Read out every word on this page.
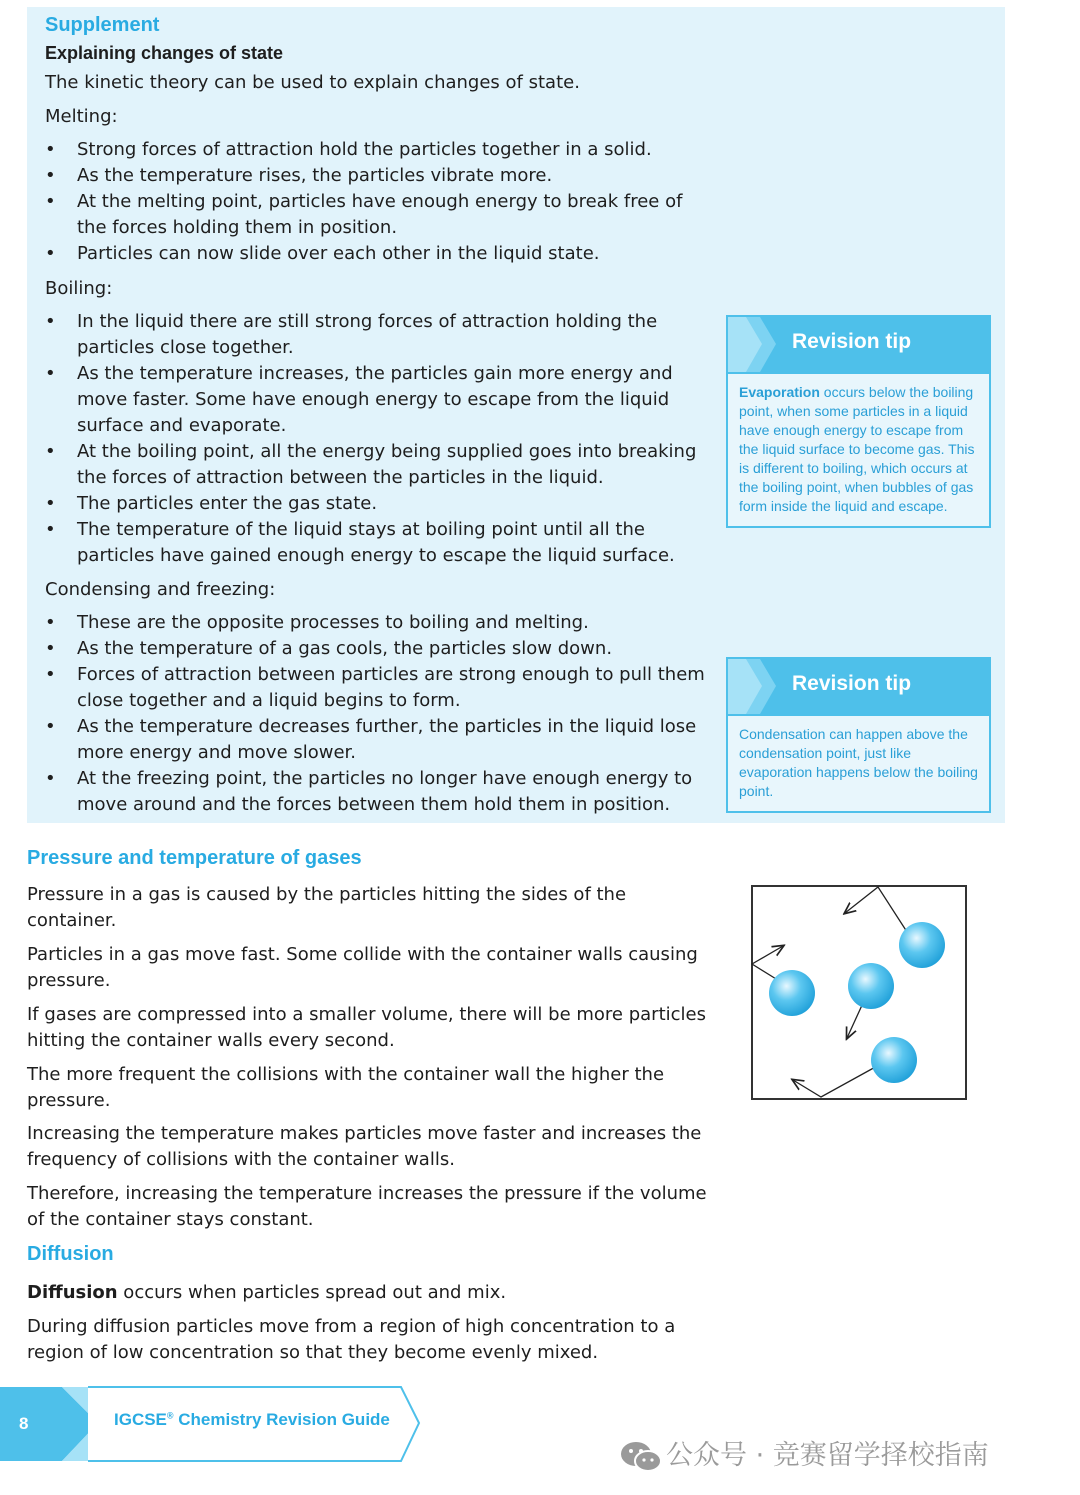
Supplement
Explaining changes of state

The kinetic theory can be used to explain changes of state.

Melting:

• Strong forces of attraction hold the particles together in a solid.
• As the temperature rises, the particles vibrate more.
• At the melting point, particles have enough energy to break free of the forces holding them in position.
• Particles can now slide over each other in the liquid state.

Boiling:

• In the liquid there are still strong forces of attraction holding the particles close together.
• As the temperature increases, the particles gain more energy and move faster. Some have enough energy to escape from the liquid surface and evaporate.
• At the boiling point, all the energy being supplied goes into breaking the forces of attraction between the particles in the liquid.
• The particles enter the gas state.
• The temperature of the liquid stays at boiling point until all the particles have gained enough energy to escape the liquid surface.

Condensing and freezing:

• These are the opposite processes to boiling and melting.
• As the temperature of a gas cools, the particles slow down.
• Forces of attraction between particles are strong enough to pull them close together and a liquid begins to form.
• As the temperature decreases further, the particles in the liquid lose more energy and move slower.
• At the freezing point, the particles no longer have enough energy to move around and the forces between them hold them in position.
Revision tip
Evaporation occurs below the boiling point, when some particles in a liquid have enough energy to escape from the liquid surface to become gas. This is different to boiling, which occurs at the boiling point, when bubbles of gas form inside the liquid and escape.
Revision tip
Condensation can happen above the condensation point, just like evaporation happens below the boiling point.
Pressure and temperature of gases

Pressure in a gas is caused by the particles hitting the sides of the container.

Particles in a gas move fast. Some collide with the container walls causing pressure.

If gases are compressed into a smaller volume, there will be more particles hitting the container walls every second.

The more frequent the collisions with the container wall the higher the pressure.

Increasing the temperature makes particles move faster and increases the frequency of collisions with the container walls.

Therefore, increasing the temperature increases the pressure if the volume of the container stays constant.

Diffusion

Diffusion occurs when particles spread out and mix.

During diffusion particles move from a region of high concentration to a region of low concentration so that they become evenly mixed.

8	IGCSE® Chemistry Revision Guide
公众号 · 竞赛留学择校指南
